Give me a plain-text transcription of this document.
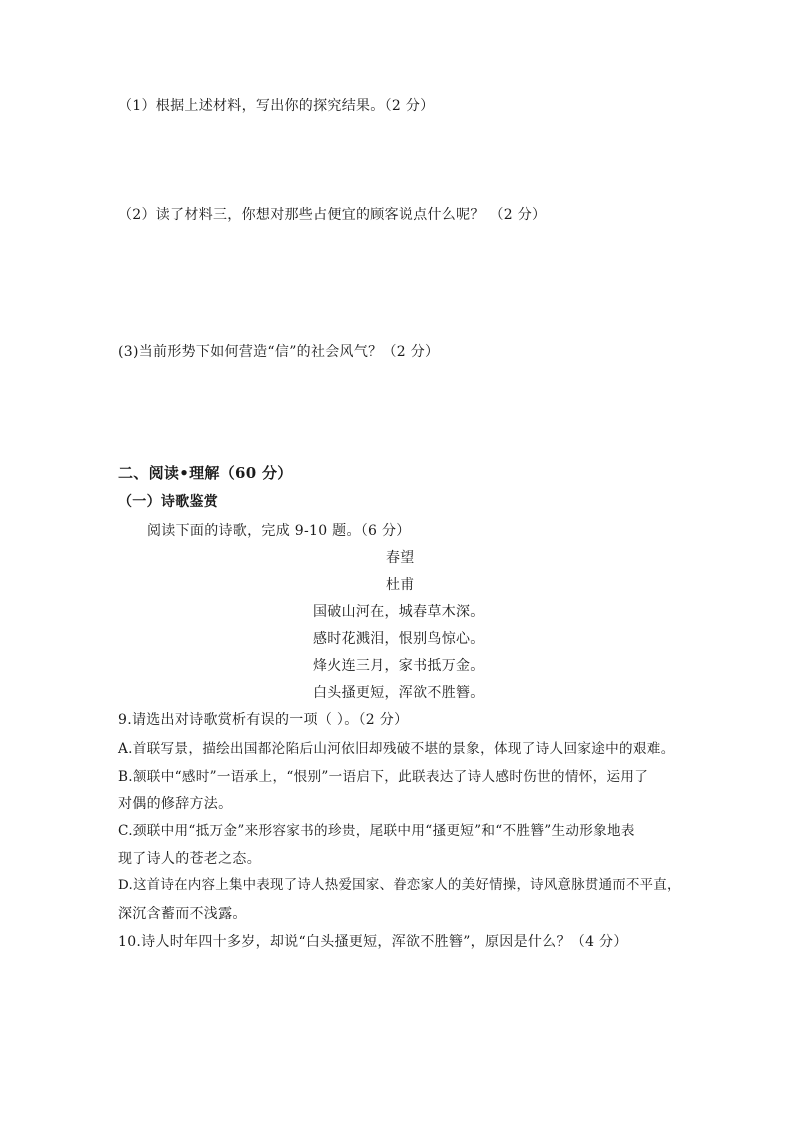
（1）根据上述材料，写出你的探究结果。（2 分）

（2）读了材料三，你想对那些占便宜的顾客说点什么呢？ （2 分）

(3)当前形势下如何营造“信”的社会风气？（2 分）

二、阅读•理解（60 分）

（一）诗歌鉴赏

阅读下面的诗歌，完成 9-10 题。（6 分）

春望

杜甫

国破山河在，城春草木深。

感时花溅泪，恨别鸟惊心。

烽火连三月，家书抵万金。

白头搔更短，浑欲不胜簪。

9.请选出对诗歌赏析有误的一项（ ）。（2 分）

A.首联写景，描绘出国都沦陷后山河依旧却残破不堪的景象，体现了诗人回家途中的艰难。

B.颔联中“感时”一语承上，“恨别”一语启下，此联表达了诗人感时伤世的情怀，运用了

对偶的修辞方法。

C.颈联中用“抵万金”来形容家书的珍贵，尾联中用“搔更短”和“不胜簪”生动形象地表

现了诗人的苍老之态。

D.这首诗在内容上集中表现了诗人热爱国家、眷恋家人的美好情操，诗风意脉贯通而不平直，

深沉含蓄而不浅露。

10.诗人时年四十多岁，却说“白头搔更短，浑欲不胜簪”，原因是什么？（4 分）
